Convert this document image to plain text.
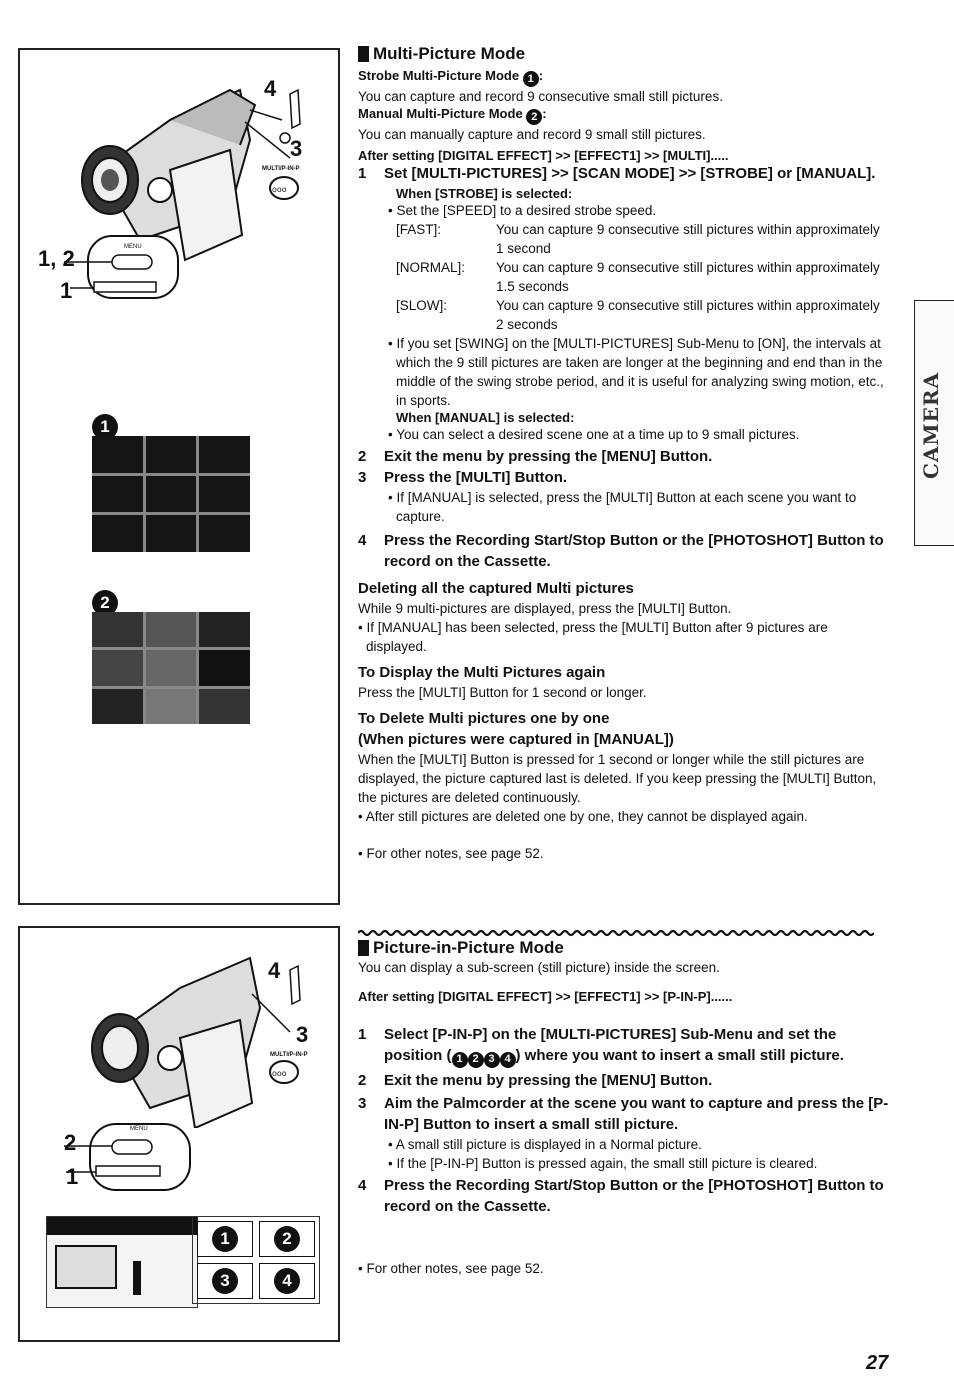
ooo
4
3
MULTI/P-IN-P
MENU
1, 2
1
1
2
ooo
4
3
MULTI/P-IN-P
MENU
2
1
1	2
3	4
CAMERA
Multi-Picture Mode

Strobe Multi-Picture Mode 1 :

You can capture and record 9 consecutive small still pictures.

Manual Multi-Picture Mode 2 :

You can manually capture and record 9 small still pictures.

After setting [DIGITAL EFFECT] >> [EFFECT1] >> [MULTI].....

1	Set [MULTI-PICTURES] >> [SCAN MODE] >> [STROBE] or [MANUAL].

When [STROBE] is selected:

• Set the [SPEED] to a desired strobe speed.

[FAST]:	You can capture 9 consecutive still pictures within approximately 1 second
[NORMAL]:	You can capture 9 consecutive still pictures within approximately 1.5 seconds
[SLOW]:	You can capture 9 consecutive still pictures within approximately 2 seconds

• If you set [SWING] on the [MULTI-PICTURES] Sub-Menu to [ON], the intervals at which the 9 still pictures are taken are longer at the beginning and end than in the middle of the swing strobe period, and it is useful for analyzing swing motion, etc., in sports.

When [MANUAL] is selected:

• You can select a desired scene one at a time up to 9 small pictures.

2	Exit the menu by pressing the [MENU] Button.
3	Press the [MULTI] Button.

• If [MANUAL] is selected, press the [MULTI] Button at each scene you want to capture.

4	Press the Recording Start/Stop Button or the [PHOTOSHOT] Button to record on the Cassette.

Deleting all the captured Multi pictures

While 9 multi-pictures are displayed, press the [MULTI] Button.

• If [MANUAL] has been selected, press the [MULTI] Button after 9 pictures are displayed.

To Display the Multi Pictures again

Press the [MULTI] Button for 1 second or longer.

To Delete Multi pictures one by one

(When pictures were captured in [MANUAL])

When the [MULTI] Button is pressed for 1 second or longer while the still pictures are displayed, the picture captured last is deleted. If you keep pressing the [MULTI] Button, the pictures are deleted continuously.

• After still pictures are deleted one by one, they cannot be displayed again.

• For other notes, see page 52.

Picture-in-Picture Mode

You can display a sub-screen (still picture) inside the screen.

After setting [DIGITAL EFFECT] >> [EFFECT1] >> [P-IN-P]......

1	Select [P-IN-P] on the [MULTI-PICTURES] Sub-Menu and set the position ( 1 2 3 4 ) where you want to insert a small still picture.
2	Exit the menu by pressing the [MENU] Button.
3	Aim the Palmcorder at the scene you want to capture and press the [P-IN-P] Button to insert a small still picture.

• A small still picture is displayed in a Normal picture.

• If the [P-IN-P] Button is pressed again, the small still picture is cleared.

4	Press the Recording Start/Stop Button or the [PHOTOSHOT] Button to record on the Cassette.

• For other notes, see page 52.

27
